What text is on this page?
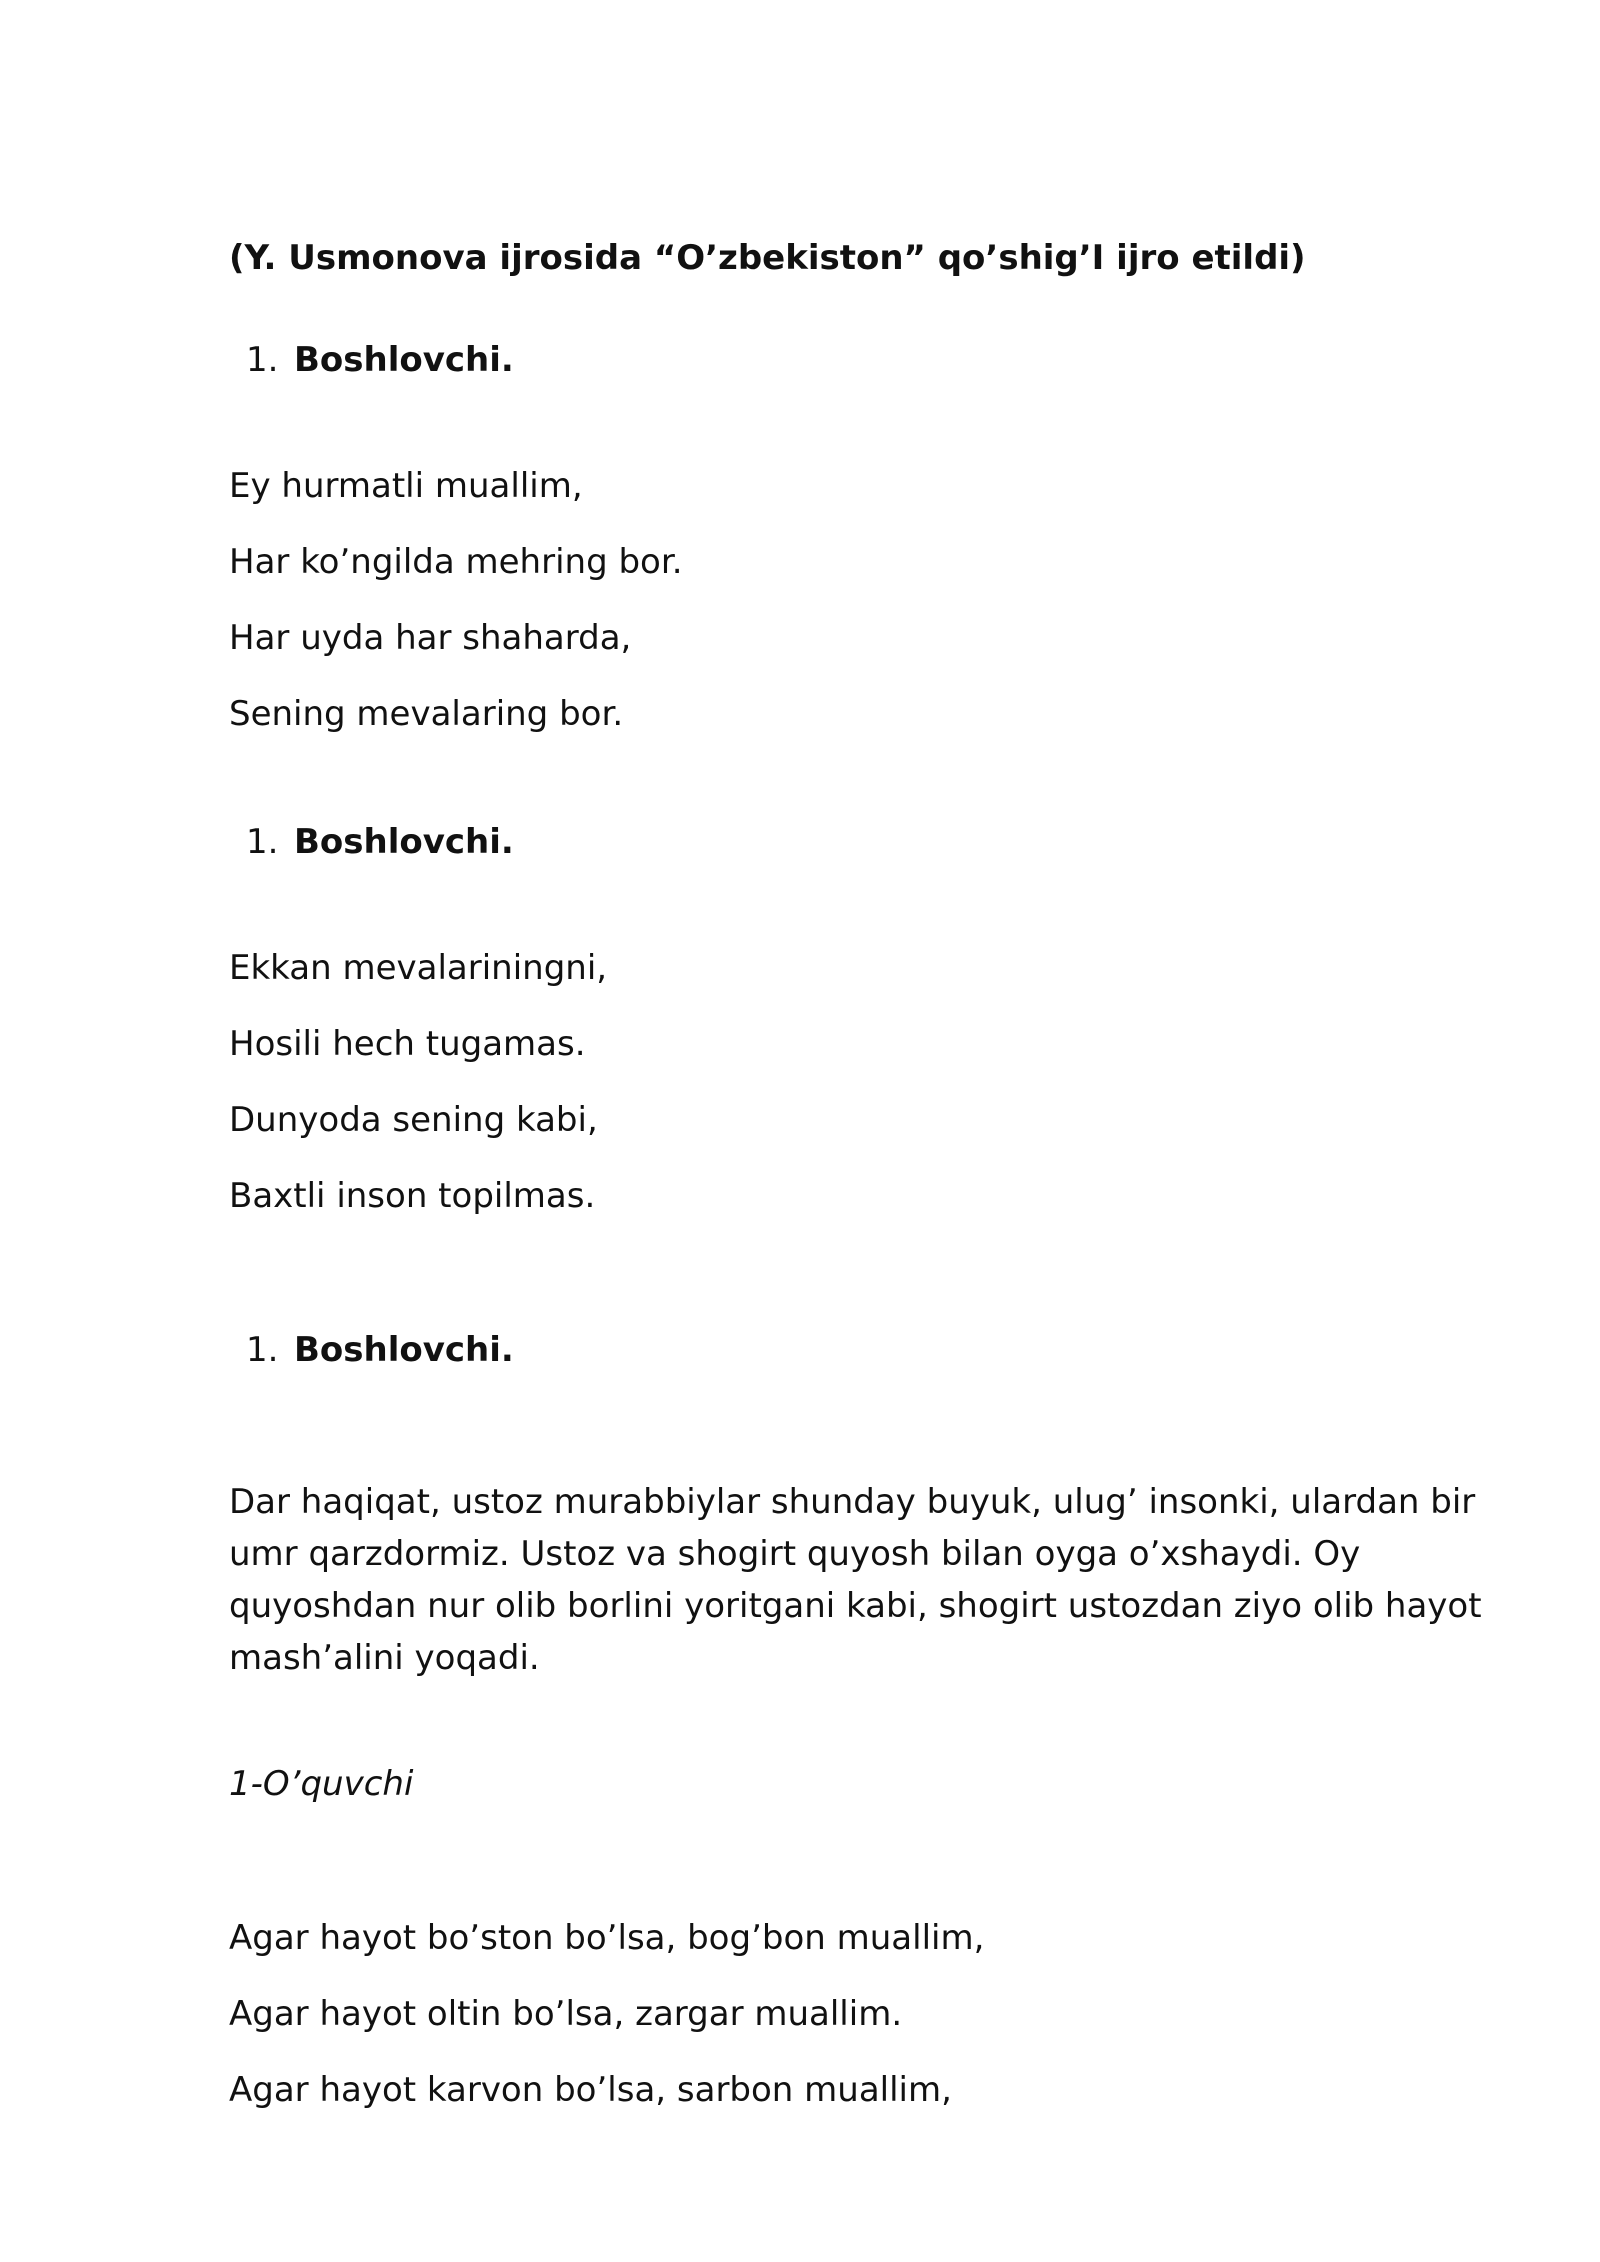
(Y. Usmonova ijrosida “O’zbekiston” qo’shig’I ijro etildi)

1. Boshlovchi.

Ey hurmatli muallim,

Har ko’ngilda mehring bor.

Har uyda har shaharda,

Sening mevalaring bor.

1. Boshlovchi.

Ekkan mevalariningni,

Hosili hech tugamas.

Dunyoda sening kabi,

Baxtli inson topilmas.

1. Boshlovchi.

Dar haqiqat, ustoz murabbiylar shunday buyuk, ulug’ insonki, ulardan bir umr qarzdormiz. Ustoz va shogirt quyosh bilan oyga o’xshaydi. Oy quyoshdan nur olib borlini yoritgani kabi, shogirt ustozdan ziyo olib hayot mash’alini yoqadi.

1-O’quvchi

Agar hayot bo’ston bo’lsa, bog’bon muallim,

Agar hayot oltin bo’lsa, zargar muallim.

Agar hayot karvon bo’lsa, sarbon muallim,
